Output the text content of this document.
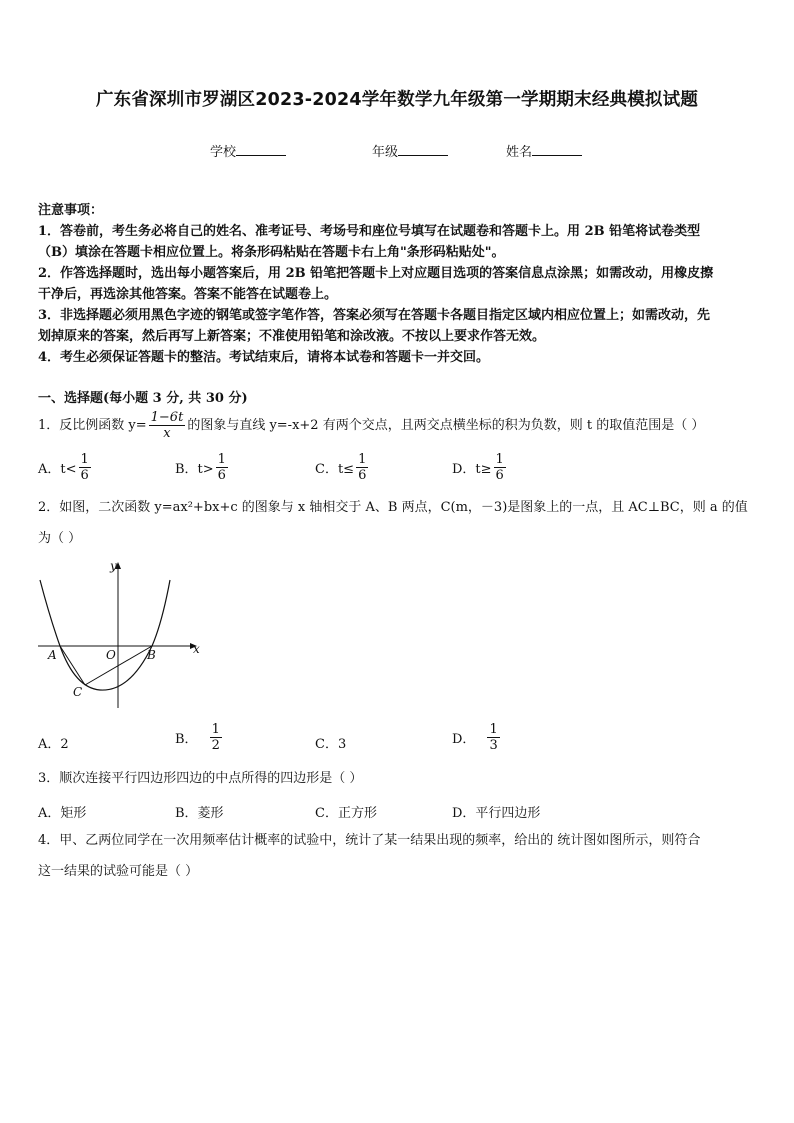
广东省深圳市罗湖区2023-2024学年数学九年级第一学期期末经典模拟试题
学校	年级	姓名
注意事项：
1．答卷前，考生务必将自己的姓名、准考证号、考场号和座位号填写在试题卷和答题卡上。用 2B 铅笔将试卷类型
（B）填涂在答题卡相应位置上。将条形码粘贴在答题卡右上角"条形码粘贴处"。
2．作答选择题时，选出每小题答案后，用 2B 铅笔把答题卡上对应题目选项的答案信息点涂黑；如需改动，用橡皮擦
干净后，再选涂其他答案。答案不能答在试题卷上。
3．非选择题必须用黑色字迹的钢笔或签字笔作答，答案必须写在答题卡各题目指定区域内相应位置上；如需改动，先
划掉原来的答案，然后再写上新答案；不准使用铅笔和涂改液。不按以上要求作答无效。
4．考生必须保证答题卡的整洁。考试结束后，请将本试卷和答题卡一并交回。
一、选择题(每小题 3 分, 共 30 分)
1．反比例函数 $y= \frac{1-6t}{x}$ 的图象与直线 y=-x+2 有两个交点，且两交点横坐标的积为负数，则 t 的取值范围是（ ）
A．$t< \frac{1}{6}$	B．$t> \frac{1}{6}$	C．$t\le \frac{1}{6}$	D．$t\ge \frac{1}{6}$
2．如图，二次函数 y=ax²+bx+c 的图象与 x 轴相交于 A、B 两点，C(m，－3)是图象上的一点，且 AC⊥BC，则 a 的值
为（ ）
y
x
A	O	B
C
A．2	B． $\frac{1}{2}$	C．3	D． $\frac{1}{3}$
3．顺次连接平行四边形四边的中点所得的四边形是（ ）
A．矩形	B．菱形	C．正方形	D．平行四边形
4．甲、乙两位同学在一次用频率估计概率的试验中，统计了某一结果出现的频率，给出的 统计图如图所示，则符合
这一结果的试验可能是（ ）
